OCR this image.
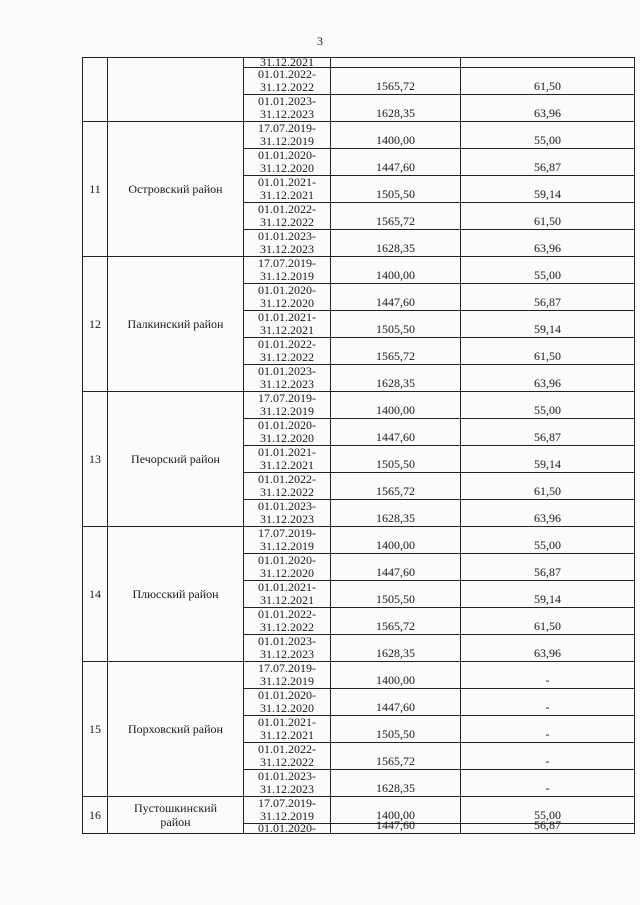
3
		31.12.2021	

		01.01.2022-
31.12.2022	1565,72	61,50

		01.01.2023-
31.12.2023	1628,35	63,96

11	Островский район	17.07.2019-
31.12.2019	1400,00	55,00

		01.01.2020-
31.12.2020	1447,60	56,87

		01.01.2021-
31.12.2021	1505,50	59,14

		01.01.2022-
31.12.2022	1565,72	61,50

		01.01.2023-
31.12.2023	1628,35	63,96

12	Палкинский район	17.07.2019-
31.12.2019	1400,00	55,00

		01.01.2020-
31.12.2020	1447,60	56,87

		01.01.2021-
31.12.2021	1505,50	59,14

		01.01.2022-
31.12.2022	1565,72	61,50

		01.01.2023-
31.12.2023	1628,35	63,96

13	Печорский район	17.07.2019-
31.12.2019	1400,00	55,00

		01.01.2020-
31.12.2020	1447,60	56,87

		01.01.2021-
31.12.2021	1505,50	59,14

		01.01.2022-
31.12.2022	1565,72	61,50

		01.01.2023-
31.12.2023	1628,35	63,96

14	Плюсский район	17.07.2019-
31.12.2019	1400,00	55,00

		01.01.2020-
31.12.2020	1447,60	56,87

		01.01.2021-
31.12.2021	1505,50	59,14

		01.01.2022-
31.12.2022	1565,72	61,50

		01.01.2023-
31.12.2023	1628,35	63,96

15	Порховский район	17.07.2019-
31.12.2019	1400,00	-

		01.01.2020-
31.12.2020	1447,60	-

		01.01.2021-
31.12.2021	1505,50	-

		01.01.2022-
31.12.2022	1565,72	-

		01.01.2023-
31.12.2023	1628,35	-

16	Пустошкинский
район	17.07.2019-
31.12.2019	1400,00	55,00

		01.01.2020-	1447,60	56,87
